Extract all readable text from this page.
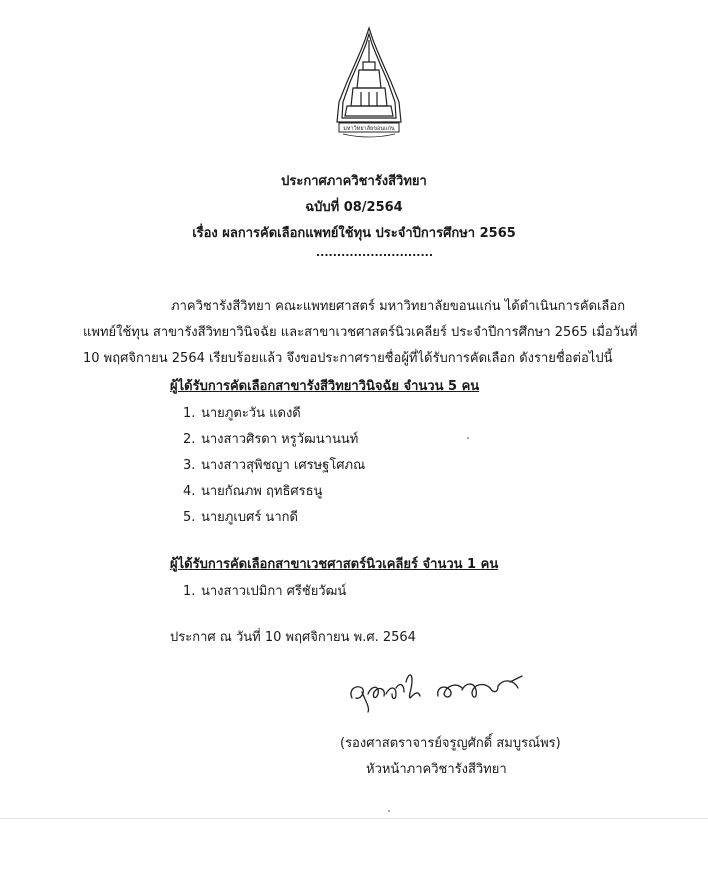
มหาวิทยาลัยขอนแก่น
ประกาศภาควิชารังสีวิทยา
ฉบับที่ 08/2564
เรื่อง ผลการคัดเลือกแพทย์ใช้ทุน ประจำปีการศึกษา 2565
............................
ภาควิชารังสีวิทยา คณะแพทยศาสตร์ มหาวิทยาลัยขอนแก่น ได้ดำเนินการคัดเลือกแพทย์ใช้ทุน สาขารังสีวิทยาวินิจฉัย และสาขาเวชศาสตร์นิวเคลียร์ ประจำปีการศึกษา 2565 เมื่อวันที่ 10 พฤศจิกายน 2564 เรียบร้อยแล้ว จึงขอประกาศรายชื่อผู้ที่ได้รับการคัดเลือก ดังรายชื่อต่อไปนี้
ผู้ได้รับการคัดเลือกสาขารังสีวิทยาวินิจฉัย จำนวน 5 คน
1. นายภูตะวัน แดงดี
2. นางสาวศิรดา หรูวัฒนานนท์
3. นางสาวสุพิชญา เศรษฐโศภณ
4. นายกัณภพ ฤทธิศรธนู
5. นายภูเบศร์ นากดี
ผู้ได้รับการคัดเลือกสาขาเวชศาสตร์นิวเคลียร์ จำนวน 1 คน
1. นางสาวเปมิกา ศรีชัยวัฒน์
ประกาศ ณ วันที่ 10 พฤศจิกายน พ.ศ. 2564
(รองศาสตราจารย์จรูญศักดิ์ สมบูรณ์พร)
หัวหน้าภาควิชารังสีวิทยา
